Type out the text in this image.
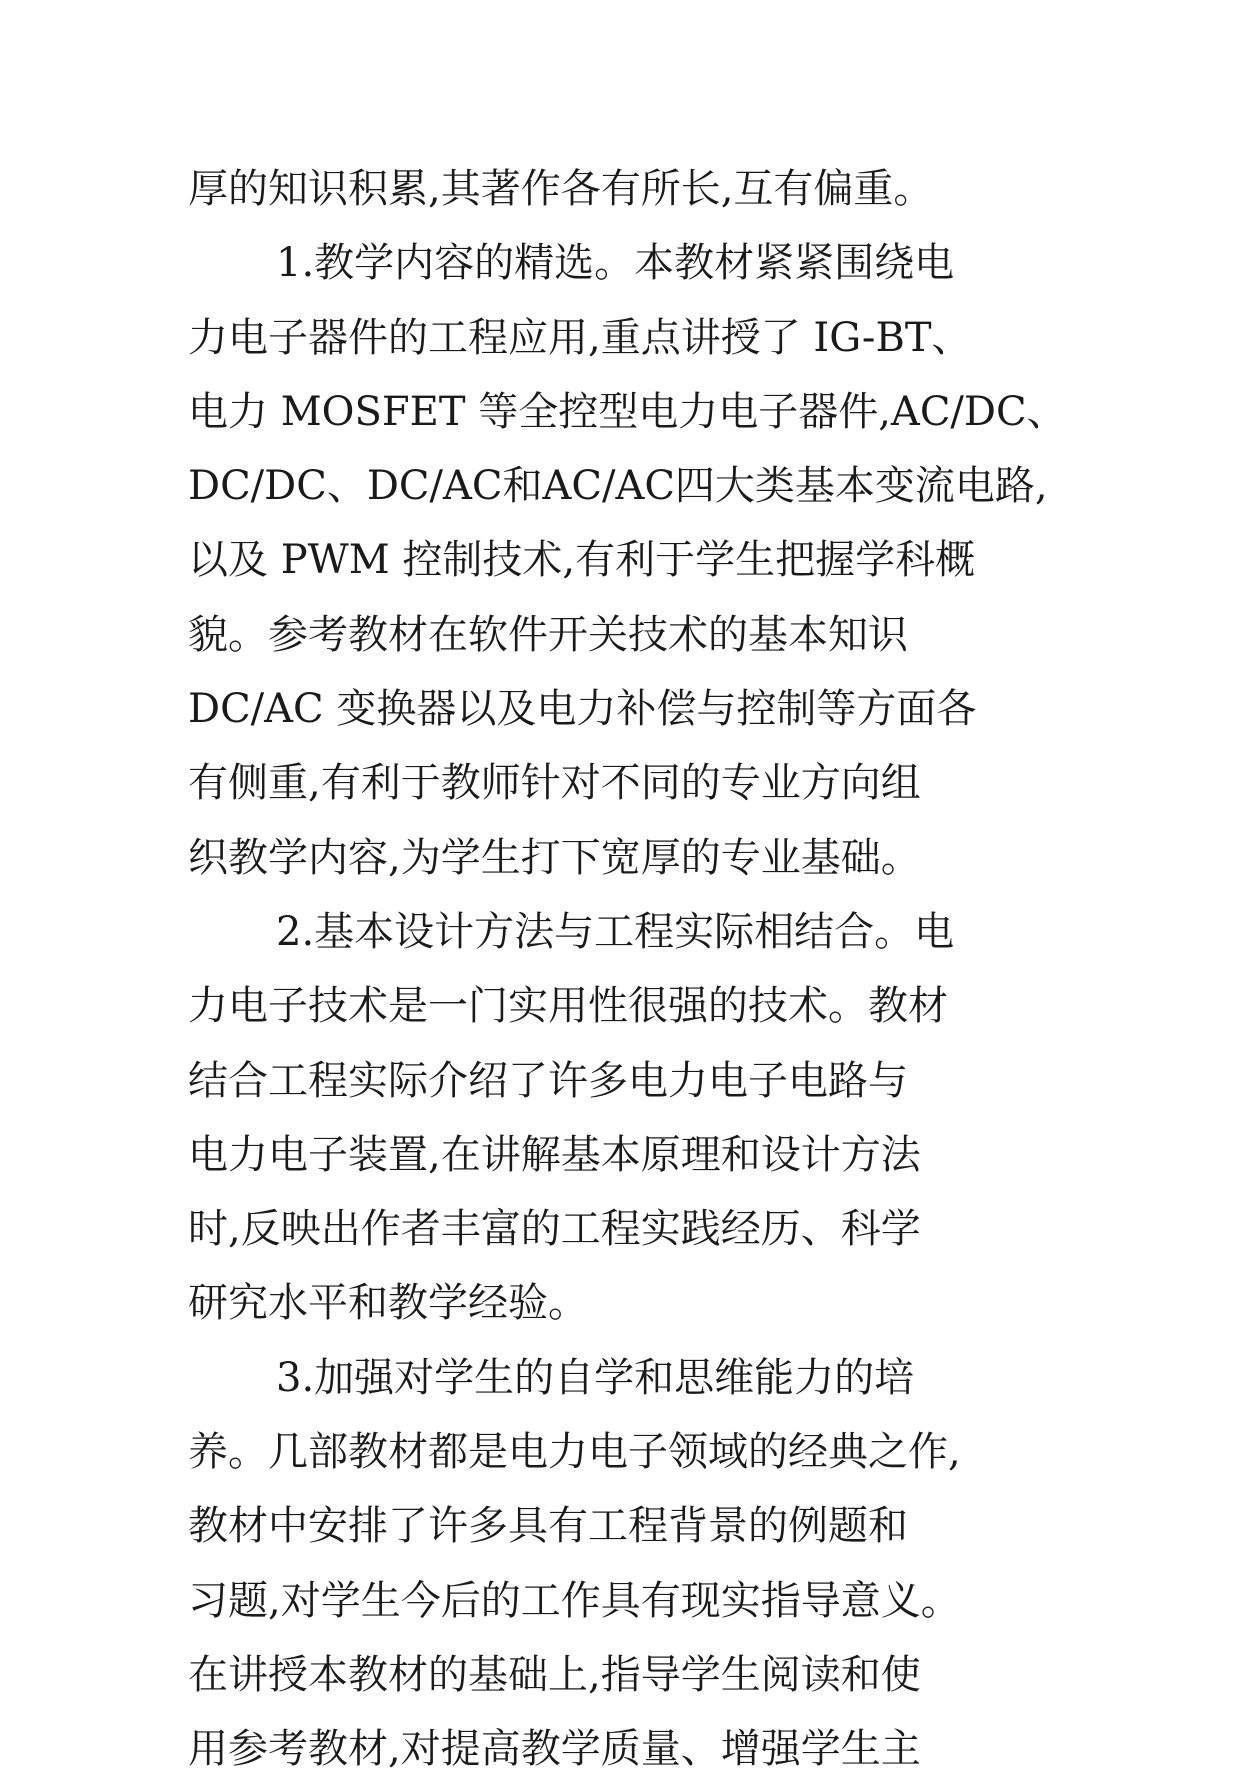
厚的知识积累,其著作各有所长,互有偏重。
1.教学内容的精选。本教材紧紧围绕电
力电子器件的工程应用,重点讲授了 IG-BT、
电力 MOSFET 等全控型电力电子器件,AC/DC、
DC/DC、DC/AC和AC/AC四大类基本变流电路,
以及 PWM 控制技术,有利于学生把握学科概
貌。参考教材在软件开关技术的基本知识
DC/AC 变换器以及电力补偿与控制等方面各
有侧重,有利于教师针对不同的专业方向组
织教学内容,为学生打下宽厚的专业基础。
2.基本设计方法与工程实际相结合。电
力电子技术是一门实用性很强的技术。教材
结合工程实际介绍了许多电力电子电路与
电力电子装置,在讲解基本原理和设计方法
时,反映出作者丰富的工程实践经历、科学
研究水平和教学经验。
3.加强对学生的自学和思维能力的培
养。几部教材都是电力电子领域的经典之作,
教材中安排了许多具有工程背景的例题和
习题,对学生今后的工作具有现实指导意义。
在讲授本教材的基础上,指导学生阅读和使
用参考教材,对提高教学质量、增强学生主
